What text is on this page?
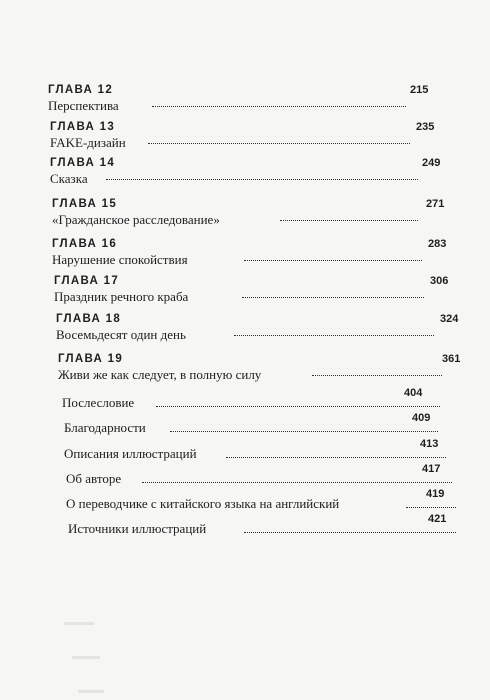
ГЛАВА 12
Перспектива
215
ГЛАВА 13
FAKE-дизайн
235
ГЛАВА 14
Сказка
249
ГЛАВА 15
«Гражданское расследование»
271
ГЛАВА 16
Нарушение спокойствия
283
ГЛАВА 17
Праздник речного краба
306
ГЛАВА 18
Восемьдесят один день
324
ГЛАВА 19
Живи же как следует, в полную силу
361
Послесловие
404
Благодарности
409
Описания иллюстраций
413
Об авторе
417
О переводчике с китайского языка на английский
419
Источники иллюстраций
421
